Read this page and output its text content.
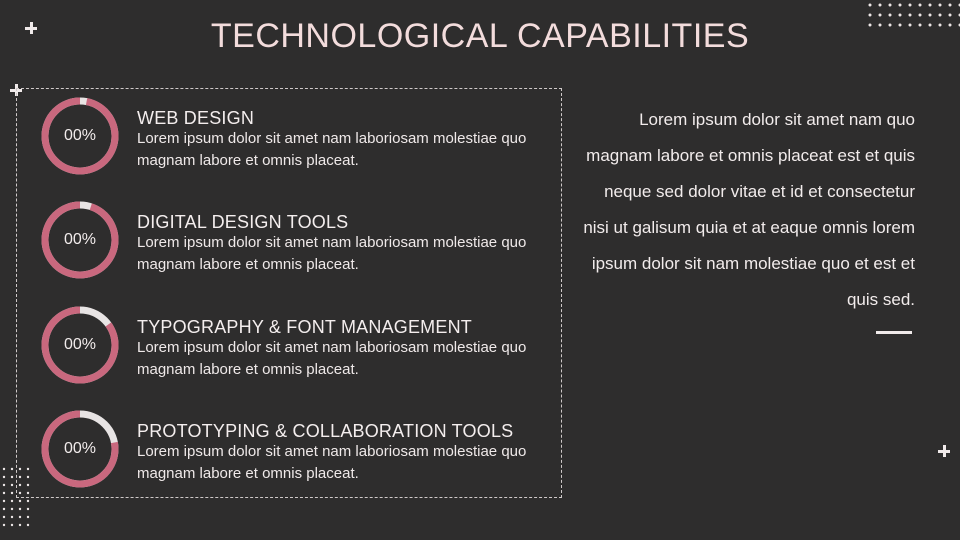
TECHNOLOGICAL CAPABILITIES
00%
WEB DESIGN
Lorem ipsum dolor sit amet nam laboriosam molestiae quo magnam labore et omnis placeat.
00%
DIGITAL DESIGN TOOLS
Lorem ipsum dolor sit amet nam laboriosam molestiae quo magnam labore et omnis placeat.
00%
TYPOGRAPHY & FONT MANAGEMENT
Lorem ipsum dolor sit amet nam laboriosam molestiae quo magnam labore et omnis placeat.
00%
PROTOTYPING & COLLABORATION TOOLS
Lorem ipsum dolor sit amet nam laboriosam molestiae quo magnam labore et omnis placeat.
Lorem ipsum dolor sit amet nam quo magnam labore et omnis placeat est et quis neque sed dolor vitae et id et consectetur nisi ut galisum quia et at eaque omnis lorem ipsum dolor sit nam molestiae quo et est et quis sed.
